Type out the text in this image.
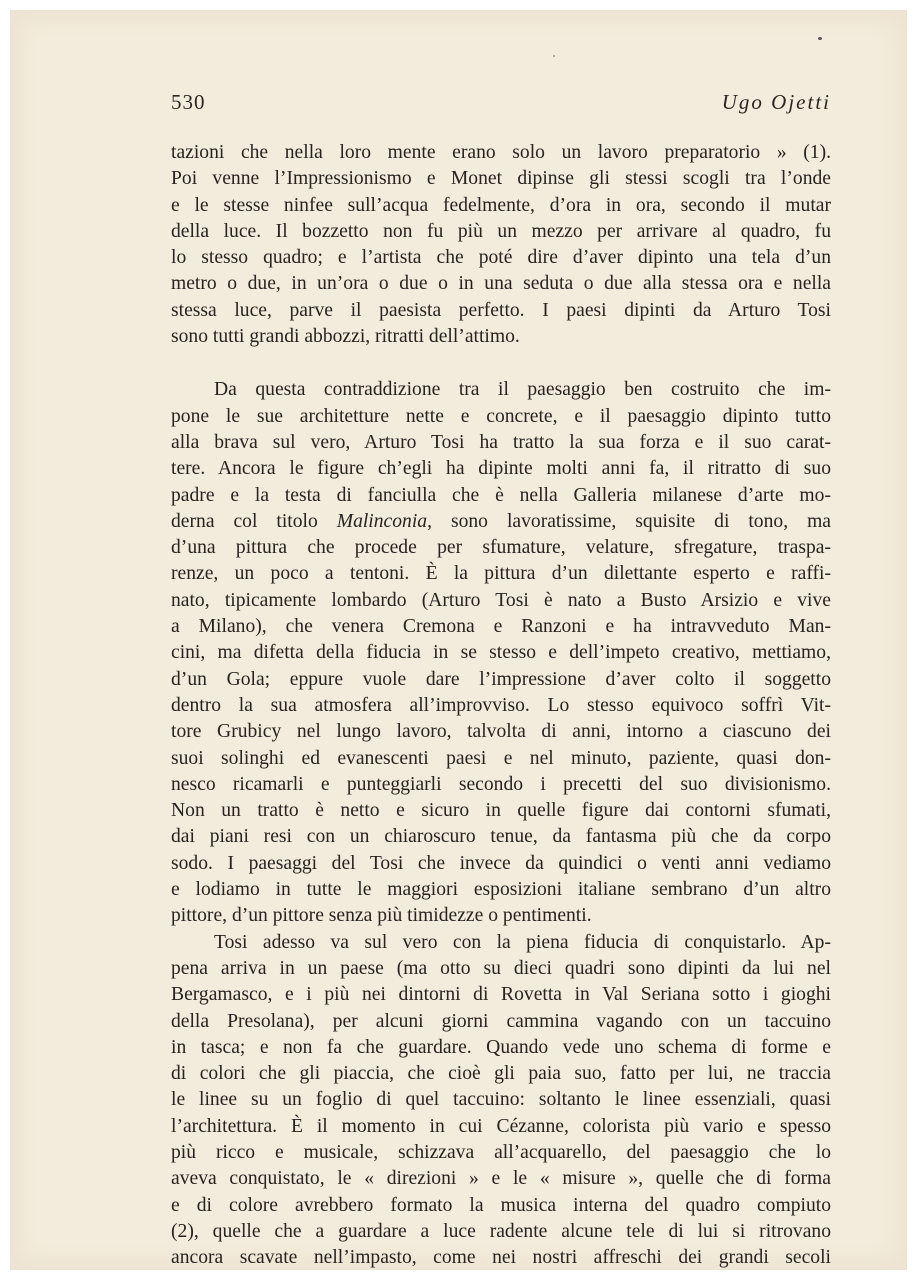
530	Ugo Ojetti
tazioni che nella loro mente erano solo un lavoro preparatorio » (1).
Poi venne l’Impressionismo e Monet dipinse gli stessi scogli tra l’onde
e le stesse ninfee sull’acqua fedelmente, d’ora in ora, secondo il mutar
della luce. Il bozzetto non fu più un mezzo per arrivare al quadro, fu
lo stesso quadro; e l’artista che poté dire d’aver dipinto una tela d’un
metro o due, in un’ora o due o in una seduta o due alla stessa ora e nella
stessa luce, parve il paesista perfetto. I paesi dipinti da Arturo Tosi
sono tutti grandi abbozzi, ritratti dell’attimo.
Da questa contraddizione tra il paesaggio ben costruito che im-
pone le sue architetture nette e concrete, e il paesaggio dipinto tutto
alla brava sul vero, Arturo Tosi ha tratto la sua forza e il suo carat-
tere. Ancora le figure ch’egli ha dipinte molti anni fa, il ritratto di suo
padre e la testa di fanciulla che è nella Galleria milanese d’arte mo-
derna col titolo Malinconia, sono lavoratissime, squisite di tono, ma
d’una pittura che procede per sfumature, velature, sfregature, traspa-
renze, un poco a tentoni. È la pittura d’un dilettante esperto e raffi-
nato, tipicamente lombardo (Arturo Tosi è nato a Busto Arsizio e vive
a Milano), che venera Cremona e Ranzoni e ha intravveduto Man-
cini, ma difetta della fiducia in se stesso e dell’impeto creativo, mettiamo,
d’un Gola; eppure vuole dare l’impressione d’aver colto il soggetto
dentro la sua atmosfera all’improvviso. Lo stesso equivoco soffrì Vit-
tore Grubicy nel lungo lavoro, talvolta di anni, intorno a ciascuno dei
suoi solinghi ed evanescenti paesi e nel minuto, paziente, quasi don-
nesco ricamarli e punteggiarli secondo i precetti del suo divisionismo.
Non un tratto è netto e sicuro in quelle figure dai contorni sfumati,
dai piani resi con un chiaroscuro tenue, da fantasma più che da corpo
sodo. I paesaggi del Tosi che invece da quindici o venti anni vediamo
e lodiamo in tutte le maggiori esposizioni italiane sembrano d’un altro
pittore, d’un pittore senza più timidezze o pentimenti.
Tosi adesso va sul vero con la piena fiducia di conquistarlo. Ap-
pena arriva in un paese (ma otto su dieci quadri sono dipinti da lui nel
Bergamasco, e i più nei dintorni di Rovetta in Val Seriana sotto i gioghi
della Presolana), per alcuni giorni cammina vagando con un taccuino
in tasca; e non fa che guardare. Quando vede uno schema di forme e
di colori che gli piaccia, che cioè gli paia suo, fatto per lui, ne traccia
le linee su un foglio di quel taccuino: soltanto le linee essenziali, quasi
l’architettura. È il momento in cui Cézanne, colorista più vario e spesso
più ricco e musicale, schizzava all’acquarello, del paesaggio che lo
aveva conquistato, le « direzioni » e le « misure », quelle che di forma
e di colore avrebbero formato la musica interna del quadro compiuto
(2), quelle che a guardare a luce radente alcune tele di lui si ritrovano
ancora scavate nell’impasto, come nei nostri affreschi dei grandi secoli
